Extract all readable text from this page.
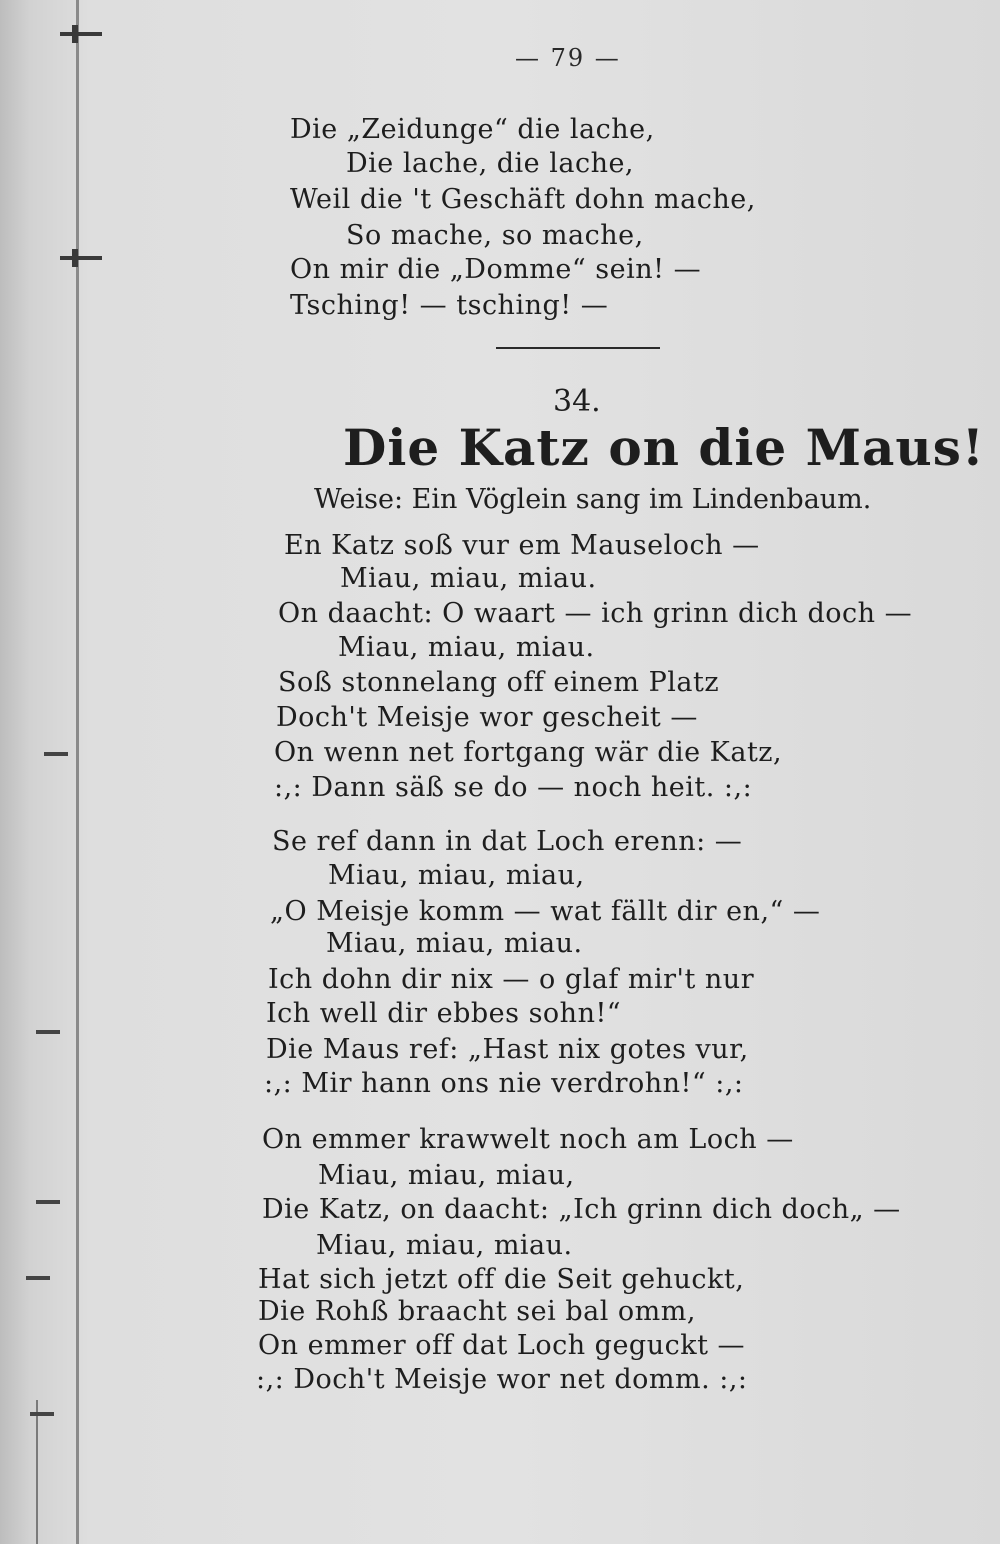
— 79 —
Die „Zeidunge“ die lache,
Die lache, die lache,
Weil die 't Geschäft dohn mache,
So mache, so mache,
On mir die „Domme“ sein! —
Tsching! — tsching! —
34.
Die Katz on die Maus!
Weise: Ein Vöglein sang im Lindenbaum.
En Katz soß vur em Mauseloch —
Miau, miau, miau.
On daacht: O waart — ich grinn dich doch —
Miau, miau, miau.
Soß stonnelang off einem Platz
Doch't Meisje wor gescheit —
On wenn net fortgang wär die Katz,
:,: Dann säß se do — noch heit. :,:
Se ref dann in dat Loch erenn: —
Miau, miau, miau,
„O Meisje komm — wat fällt dir en,“ —
Miau, miau, miau.
Ich dohn dir nix — o glaf mir't nur
Ich well dir ebbes sohn!“
Die Maus ref: „Hast nix gotes vur,
:,: Mir hann ons nie verdrohn!“ :,:
On emmer krawwelt noch am Loch —
Miau, miau, miau,
Die Katz, on daacht: „Ich grinn dich doch„ —
Miau, miau, miau.
Hat sich jetzt off die Seit gehuckt,
Die Rohß braacht sei bal omm,
On emmer off dat Loch geguckt —
:,: Doch't Meisje wor net domm. :,:
